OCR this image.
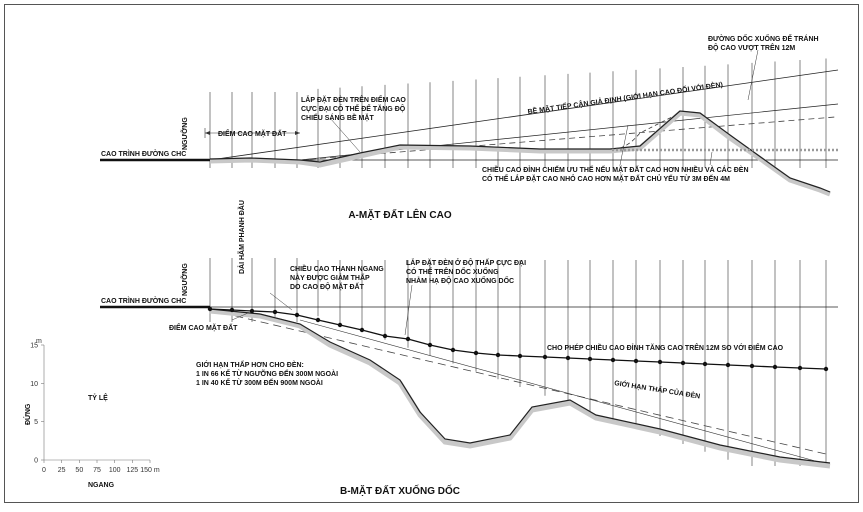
NGƯỠNG
CAO TRÌNH ĐƯỜNG CHC
ĐIỂM CAO MẶT ĐẤT
LẮP ĐẶT ĐÈN TRÊN ĐIỂM CAO
CỰC ĐẠI CÓ THỂ ĐỂ TĂNG ĐỘ
CHIẾU SÁNG BỀ MẶT
BỀ MẶT TIẾP CẬN GIẢ ĐỊNH (GIỚI HẠN CAO ĐỐI VỚI ĐÈN)
ĐƯỜNG DỐC XUỐNG ĐỂ TRÁNH
ĐỘ CAO VƯỢT TRÊN 12M
CHIỀU CAO ĐỈNH CHIẾM ƯU THẾ NẾU MẶT ĐẤT CAO HƠN NHIỀU VÀ CÁC ĐÈN
CÓ THỂ LẮP ĐẶT CAO NHỎ CAO HƠN MẶT ĐẤT CHỦ YẾU TỪ 3M ĐẾN 4M
A-MẶT ĐẤT LÊN CAO
NGƯỠNG
DẢI HÃM PHANH ĐẦU
CAO TRÌNH ĐƯỜNG CHC
CHIỀU CAO THANH NGANG
NÀY ĐƯỢC GIẢM THẤP
DO CAO ĐỘ MẶT ĐẤT
LẮP ĐẶT ĐÈN Ở ĐỘ THẤP CỰC ĐẠI
CÓ THỂ TRÊN DỐC XUỐNG
NHẰM HẠ ĐỘ CAO XUỐNG DỐC
ĐIỂM CAO MẶT ĐẤT
GIỚI HẠN THẤP HƠN CHO ĐÈN:
1 IN 66 KỂ TỪ NGƯỠNG ĐẾN 300M NGOÀI
1 IN 40 KỂ TỪ 300M ĐẾN 900M NGOÀI
CHO PHÉP CHIỀU CAO ĐỈNH TĂNG CAO TRÊN 12M SO VỚI ĐIỂM CAO
GIỚI HẠN THẤP CỦA ĐÈN
B-MẶT ĐẤT XUỐNG DỐC
15
10
5
0
0 25 50 75 100 125 150 m
m
ĐỨNG
TỶ LỆ
NGANG
